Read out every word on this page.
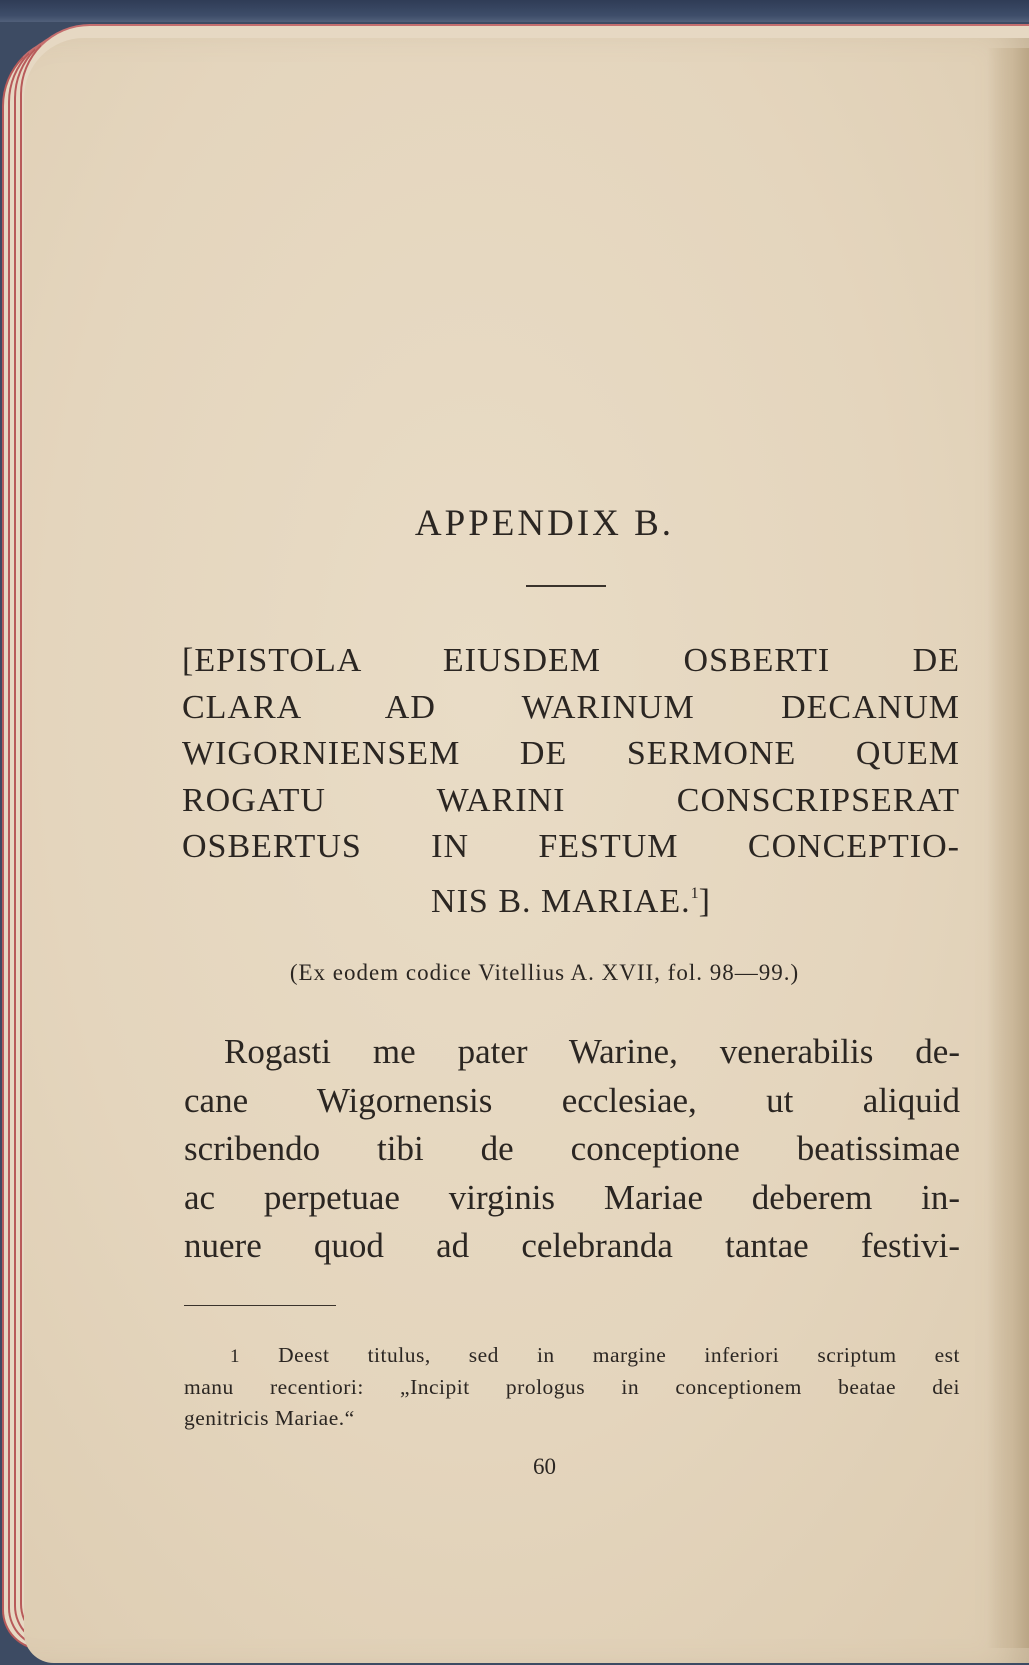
APPENDIX B.
[EPISTOLA EIUSDEM OSBERTI DE
CLARA AD WARINUM DECANUM
WIGORNIENSEM DE SERMONE QUEM
ROGATU WARINI CONSCRIPSERAT
OSBERTUS IN FESTUM CONCEPTIO-
NIS B. MARIAE.$^1$]
(Ex eodem codice Vitellius A. XVII, fol. 98—99.)
Rogasti me pater Warine, venerabilis de-
cane Wigornensis ecclesiae, ut aliquid
scribendo tibi de conceptione beatissimae
ac perpetuae virginis Mariae deberem in-
nuere quod ad celebranda tantae festivi-
1 Deest titulus, sed in margine inferiori scriptum est
manu recentiori: „Incipit prologus in conceptionem beatae dei
genitricis Mariae.“
60
